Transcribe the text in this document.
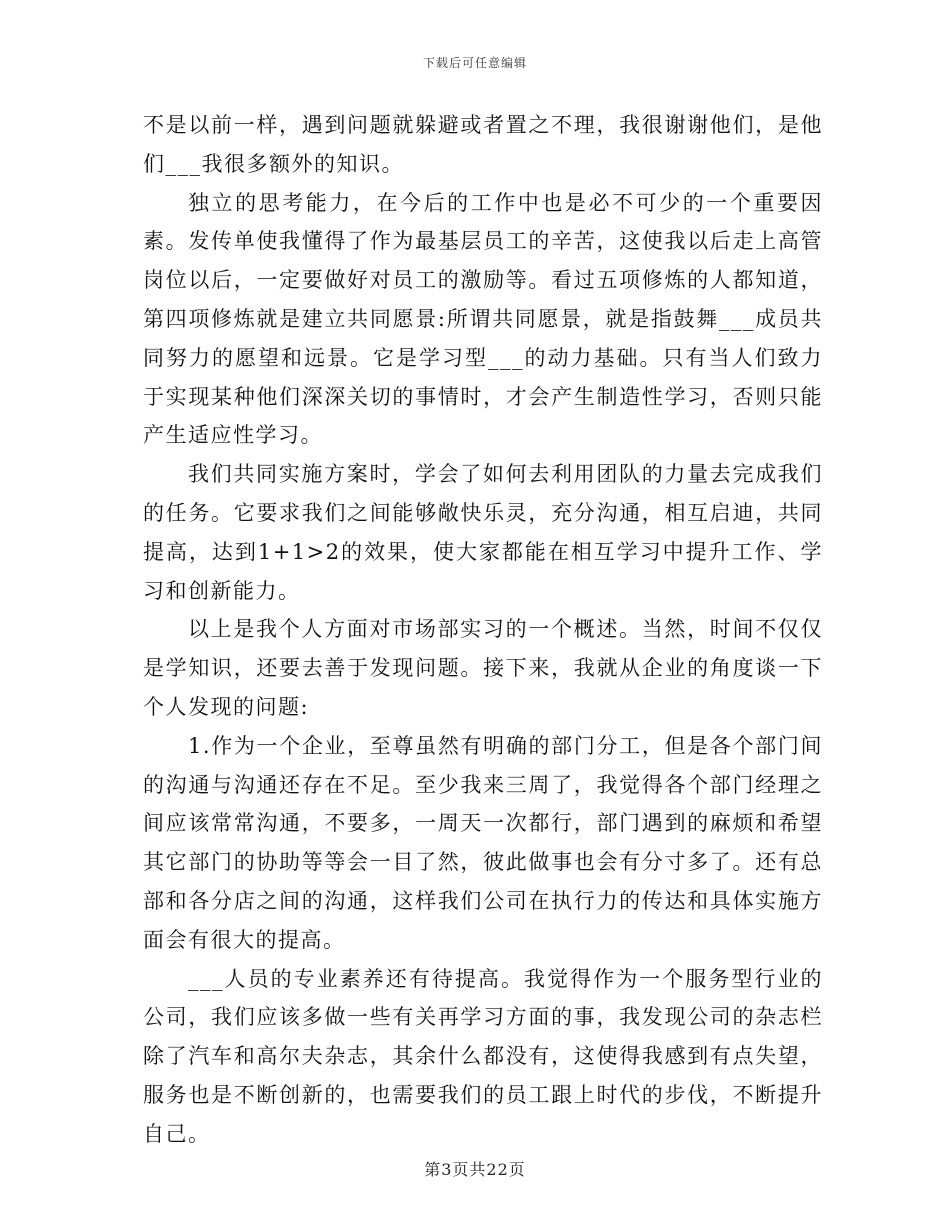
下载后可任意编辑

不是以前一样，遇到问题就躲避或者置之不理，我很谢谢他们，是他们___我很多额外的知识。

独立的思考能力，在今后的工作中也是必不可少的一个重要因素。发传单使我懂得了作为最基层员工的辛苦，这使我以后走上高管岗位以后，一定要做好对员工的激励等。看过五项修炼的人都知道，第四项修炼就是建立共同愿景:所谓共同愿景，就是指鼓舞___成员共同努力的愿望和远景。它是学习型___的动力基础。只有当人们致力于实现某种他们深深关切的事情时，才会产生制造性学习，否则只能产生适应性学习。

我们共同实施方案时，学会了如何去利用团队的力量去完成我们的任务。它要求我们之间能够敞快乐灵，充分沟通，相互启迪，共同提高，达到1+1>2的效果，使大家都能在相互学习中提升工作、学习和创新能力。

以上是我个人方面对市场部实习的一个概述。当然，时间不仅仅是学知识，还要去善于发现问题。接下来，我就从企业的角度谈一下个人发现的问题:

1.作为一个企业，至尊虽然有明确的部门分工，但是各个部门间的沟通与沟通还存在不足。至少我来三周了，我觉得各个部门经理之间应该常常沟通，不要多，一周天一次都行，部门遇到的麻烦和希望其它部门的协助等等会一目了然，彼此做事也会有分寸多了。还有总部和各分店之间的沟通，这样我们公司在执行力的传达和具体实施方面会有很大的提高。

___人员的专业素养还有待提高。我觉得作为一个服务型行业的公司，我们应该多做一些有关再学习方面的事，我发现公司的杂志栏除了汽车和高尔夫杂志，其余什么都没有，这使得我感到有点失望，服务也是不断创新的，也需要我们的员工跟上时代的步伐，不断提升自己。

第3页共22页
